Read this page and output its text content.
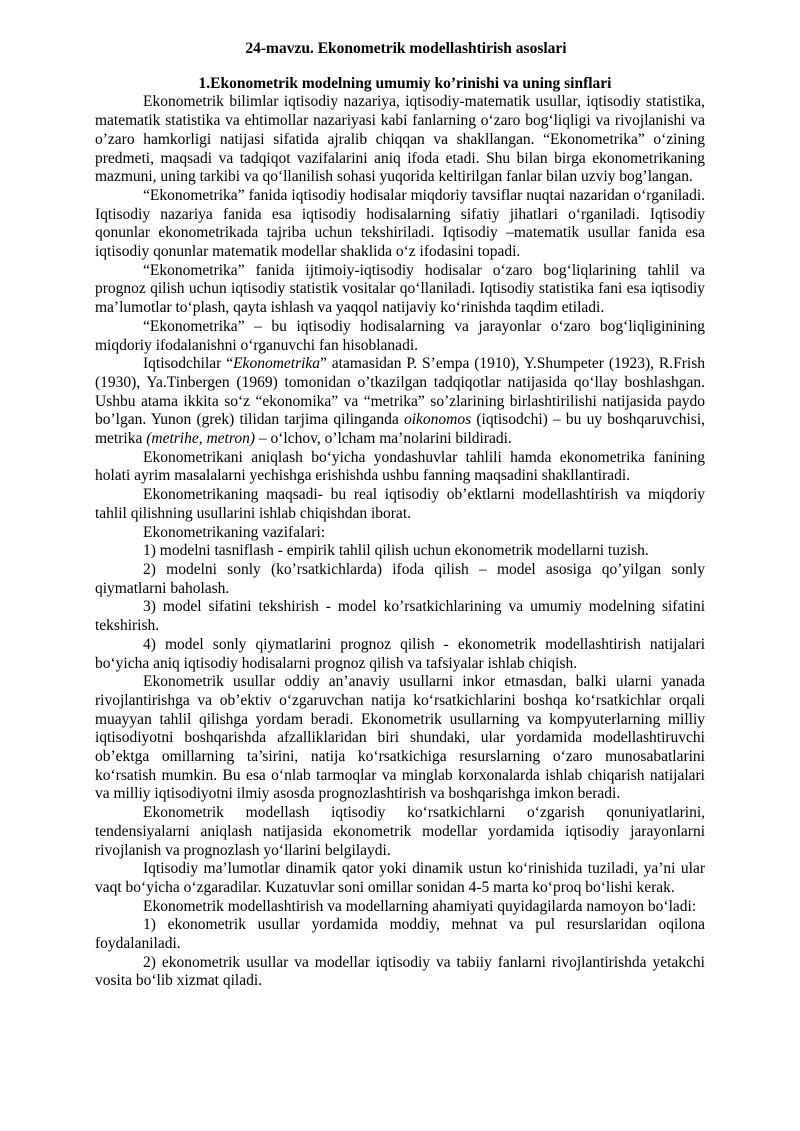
24-mavzu. Ekonometrik modellashtirish asoslari

1.Ekonometrik modelning umumiy ko’rinishi va uning sinflari

Ekonometrik bilimlar iqtisodiy nazariya, iqtisodiy-matematik usullar, iqtisodiy statistika, matematik statistika va ehtimollar nazariyasi kabi fanlarning o‘zaro bog‘liqligi va rivojlanishi va o’zaro hamkorligi natijasi sifatida ajralib chiqqan va shakllangan. “Ekonometrika” o‘zining predmeti, maqsadi va tadqiqot vazifalarini aniq ifoda etadi. Shu bilan birga ekonometrikaning mazmuni, uning tarkibi va qo‘llanilish sohasi yuqorida keltirilgan fanlar bilan uzviy bog’langan.

“Ekonometrika” fanida iqtisodiy hodisalar miqdoriy tavsiflar nuqtai nazaridan o‘rganiladi. Iqtisodiy nazariya fanida esa iqtisodiy hodisalarning sifatiy jihatlari o‘rganiladi. Iqtisodiy qonunlar ekonometrikada tajriba uchun tekshiriladi. Iqtisodiy –matematik usullar fanida esa iqtisodiy qonunlar matematik modellar shaklida o‘z ifodasini topadi.

“Ekonometrika” fanida ijtimoiy-iqtisodiy hodisalar o‘zaro bog‘liqlarining tahlil va prognoz qilish uchun iqtisodiy statistik vositalar qo‘llaniladi. Iqtisodiy statistika fani esa iqtisodiy ma’lumotlar to‘plash, qayta ishlash va yaqqol natijaviy ko‘rinishda taqdim etiladi.

“Ekonometrika” – bu iqtisodiy hodisalarning va jarayonlar o‘zaro bog‘liqliginining miqdoriy ifodalanishni o‘rganuvchi fan hisoblanadi.

Iqtisodchilar “Ekonometrika” atamasidan P. S’empa (1910), Y.Shumpeter (1923), R.Frish (1930), Ya.Tinbergen (1969) tomonidan o’tkazilgan tadqiqotlar natijasida qo‘llay boshlashgan. Ushbu atama ikkita so‘z “ekonomika” va “metrika” so’zlarining birlashtirilishi natijasida paydo bo’lgan. Yunon (grek) tilidan tarjima qilinganda oikonomos (iqtisodchi) – bu uy boshqaruvchisi, metrika (metrihe, metron) – o‘lchov, o’lcham ma’nolarini bildiradi.

Ekonometrikani aniqlash bo‘yicha yondashuvlar tahlili hamda ekonometrika fanining holati ayrim masalalarni yechishga erishishda ushbu fanning maqsadini shakllantiradi.

Ekonometrikaning maqsadi- bu real iqtisodiy ob’ektlarni modellashtirish va miqdoriy tahlil qilishning usullarini ishlab chiqishdan iborat.

Ekonometrikaning vazifalari:

1) modelni tasniflash - empirik tahlil qilish uchun ekonometrik modellarni tuzish.

2) modelni sonly (ko’rsatkichlarda) ifoda qilish – model asosiga qo’yilgan sonly qiymatlarni baholash.

3) model sifatini tekshirish - model ko’rsatkichlarining va umumiy modelning sifatini tekshirish.

4) model sonly qiymatlarini prognoz qilish - ekonometrik modellashtirish natijalari bo‘yicha aniq iqtisodiy hodisalarni prognoz qilish va tafsiyalar ishlab chiqish.

Ekonometrik usullar oddiy an’anaviy usullarni inkor etmasdan, balki ularni yanada rivojlantirishga va ob’ektiv o‘zgaruvchan natija ko‘rsatkichlarini boshqa ko‘rsatkichlar orqali muayyan tahlil qilishga yordam beradi. Ekonometrik usullarning va kompyuterlarning milliy iqtisodiyotni boshqarishda afzalliklaridan biri shundaki, ular yordamida modellashtiruvchi ob’ektga omillarning ta’sirini, natija ko‘rsatkichiga resurslarning o‘zaro munosabatlarini ko‘rsatish mumkin. Bu esa o‘nlab tarmoqlar va minglab korxonalarda ishlab chiqarish natijalari va milliy iqtisodiyotni ilmiy asosda prognozlashtirish va boshqarishga imkon beradi.

Ekonometrik modellash iqtisodiy ko‘rsatkichlarni o‘zgarish qonuniyatlarini, tendensiyalarni aniqlash natijasida ekonometrik modellar yordamida iqtisodiy jarayonlarni rivojlanish va prognozlash yo‘llarini belgilaydi.

Iqtisodiy ma’lumotlar dinamik qator yoki dinamik ustun ko‘rinishida tuziladi, ya’ni ular vaqt bo‘yicha o‘zgaradilar. Kuzatuvlar soni omillar sonidan 4-5 marta ko‘proq bo‘lishi kerak.

Ekonometrik modellashtirish va modellarning ahamiyati quyidagilarda namoyon bo‘ladi:

1) ekonometrik usullar yordamida moddiy, mehnat va pul resurslaridan oqilona foydalaniladi.

2) ekonometrik usullar va modellar iqtisodiy va tabiiy fanlarni rivojlantirishda yetakchi vosita bo‘lib xizmat qiladi.
